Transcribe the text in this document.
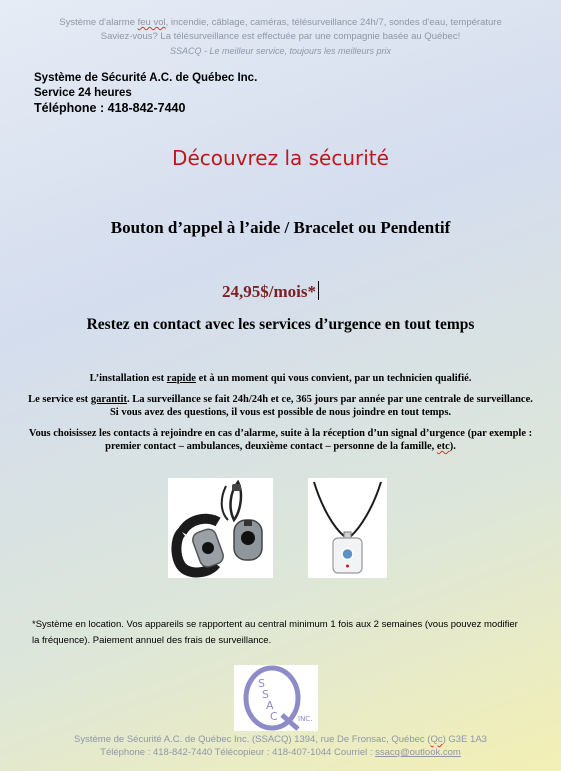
Système d'alarme feu vol, incendie, câblage, caméras, télésurveillance 24h/7, sondes d'eau, température
Saviez-vous? La télésurveillance est effectuée par une compagnie basée au Québec!
SSACQ - Le meilleur service, toujours les meilleurs prix
Système de Sécurité A.C. de Québec Inc.
Service 24 heures
Téléphone : 418-842-7440
Découvrez la sécurité
Bouton d’appel à l’aide / Bracelet ou Pendentif
24,95$/mois*
Restez en contact avec les services d’urgence en tout temps

L’installation est rapide et à un moment qui vous convient, par un technicien qualifié.

Le service est garantit. La surveillance se fait 24h/24h et ce, 365 jours par année par une centrale de surveillance. Si vous avez des questions, il vous est possible de nous joindre en tout temps.

Vous choisissez les contacts à rejoindre en cas d’alarme, suite à la réception d’un signal d’urgence (par exemple : premier contact – ambulances, deuxième contact – personne de la famille, etc).

*Système en location. Vos appareils se rapportent au central minimum 1 fois aux 2 semaines (vous pouvez modifier la fréquence). Paiement annuel des frais de surveillance.
S
S
A
C	INC.
Système de Sécurité A.C. de Québec Inc. (SSACQ) 1394, rue De Fronsac, Québec (Qc) G3E 1A3
Téléphone : 418-842-7440 Télécopieur : 418-407-1044 Courriel : ssacq@outlook.com
